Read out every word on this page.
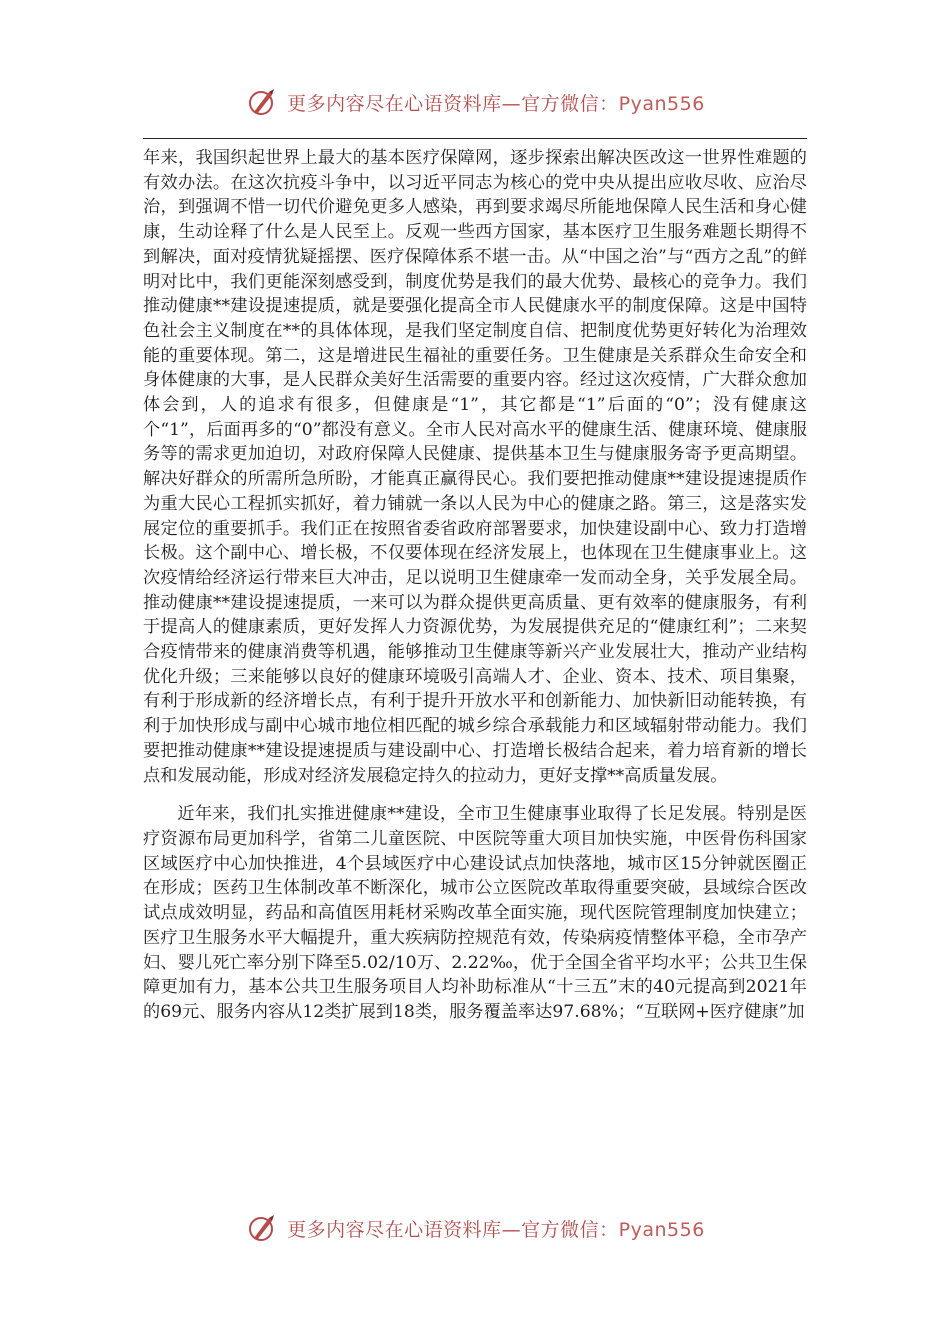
更多内容尽在心语资料库—官方微信：Pyan556

年来，我国织起世界上最大的基本医疗保障网，逐步探索出解决医改这一世界性难题的有效办法。在这次抗疫斗争中，以习近平同志为核心的党中央从提出应收尽收、应治尽治，到强调不惜一切代价避免更多人感染，再到要求竭尽所能地保障人民生活和身心健康，生动诠释了什么是人民至上。反观一些西方国家，基本医疗卫生服务难题长期得不到解决，面对疫情犹疑摇摆、医疗保障体系不堪一击。从“中国之治”与“西方之乱”的鲜明对比中，我们更能深刻感受到，制度优势是我们的最大优势、最核心的竞争力。我们推动健康**建设提速提质，就是要强化提高全市人民健康水平的制度保障。这是中国特色社会主义制度在**的具体体现，是我们坚定制度自信、把制度优势更好转化为治理效能的重要体现。第二，这是增进民生福祉的重要任务。卫生健康是关系群众生命安全和身体健康的大事，是人民群众美好生活需要的重要内容。经过这次疫情，广大群众愈加体会到，人的追求有很多，但健康是“1”，其它都是“1”后面的“0”；没有健康这个“1”，后面再多的“0”都没有意义。全市人民对高水平的健康生活、健康环境、健康服务等的需求更加迫切，对政府保障人民健康、提供基本卫生与健康服务寄予更高期望。解决好群众的所需所急所盼，才能真正赢得民心。我们要把推动健康**建设提速提质作为重大民心工程抓实抓好，着力铺就一条以人民为中心的健康之路。第三，这是落实发展定位的重要抓手。我们正在按照省委省政府部署要求，加快建设副中心、致力打造增长极。这个副中心、增长极，不仅要体现在经济发展上，也体现在卫生健康事业上。这次疫情给经济运行带来巨大冲击，足以说明卫生健康牵一发而动全身，关乎发展全局。推动健康**建设提速提质，一来可以为群众提供更高质量、更有效率的健康服务，有利于提高人的健康素质，更好发挥人力资源优势，为发展提供充足的“健康红利”；二来契合疫情带来的健康消费等机遇，能够推动卫生健康等新兴产业发展壮大，推动产业结构优化升级；三来能够以良好的健康环境吸引高端人才、企业、资本、技术、项目集聚，有利于形成新的经济增长点，有利于提升开放水平和创新能力、加快新旧动能转换，有利于加快形成与副中心城市地位相匹配的城乡综合承载能力和区域辐射带动能力。我们要把推动健康**建设提速提质与建设副中心、打造增长极结合起来，着力培育新的增长点和发展动能，形成对经济发展稳定持久的拉动力，更好支撑**高质量发展。

近年来，我们扎实推进健康**建设，全市卫生健康事业取得了长足发展。特别是医疗资源布局更加科学，省第二儿童医院、中医院等重大项目加快实施，中医骨伤科国家区域医疗中心加快推进，4个县域医疗中心建设试点加快落地，城市区15分钟就医圈正在形成；医药卫生体制改革不断深化，城市公立医院改革取得重要突破，县域综合医改试点成效明显，药品和高值医用耗材采购改革全面实施，现代医院管理制度加快建立；医疗卫生服务水平大幅提升，重大疾病防控规范有效，传染病疫情整体平稳，全市孕产妇、婴儿死亡率分别下降至5.02/10万、2.22‰，优于全国全省平均水平；公共卫生保障更加有力，基本公共卫生服务项目人均补助标准从“十三五”末的40元提高到2021年的69元、服务内容从12类扩展到18类，服务覆盖率达97.68%；“互联网+医疗健康”加

更多内容尽在心语资料库—官方微信：Pyan556
